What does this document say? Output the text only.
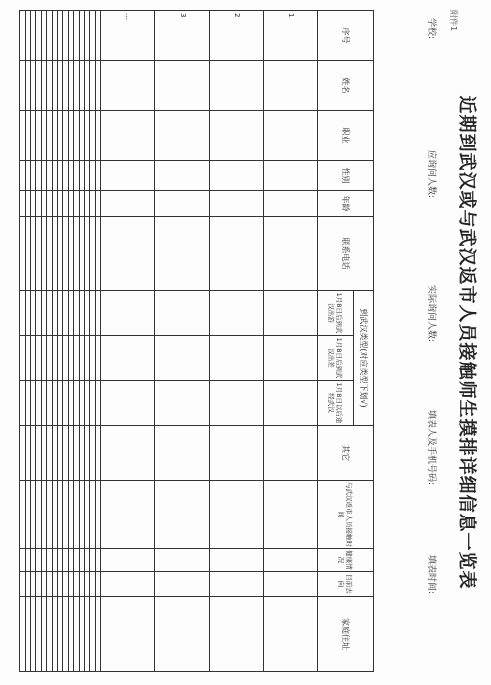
附件1
近期到武汉或与武汉返市人员接触师生摸排详细信息一览表
学校:
应询问人数:
实际询问人数:
填表人及手机号码:
填表时间:
序号	姓名	职业	性别	年龄	联系电话	到武汉类型(对应类型下划√)			其它	与武汉返市人员接触时间	健康情况	目前去向	家庭住址
						1月8日后到武汉出游	1月8日后到武汉出差	1月8日以后途经武汉					
1													
2													
3													
…													
